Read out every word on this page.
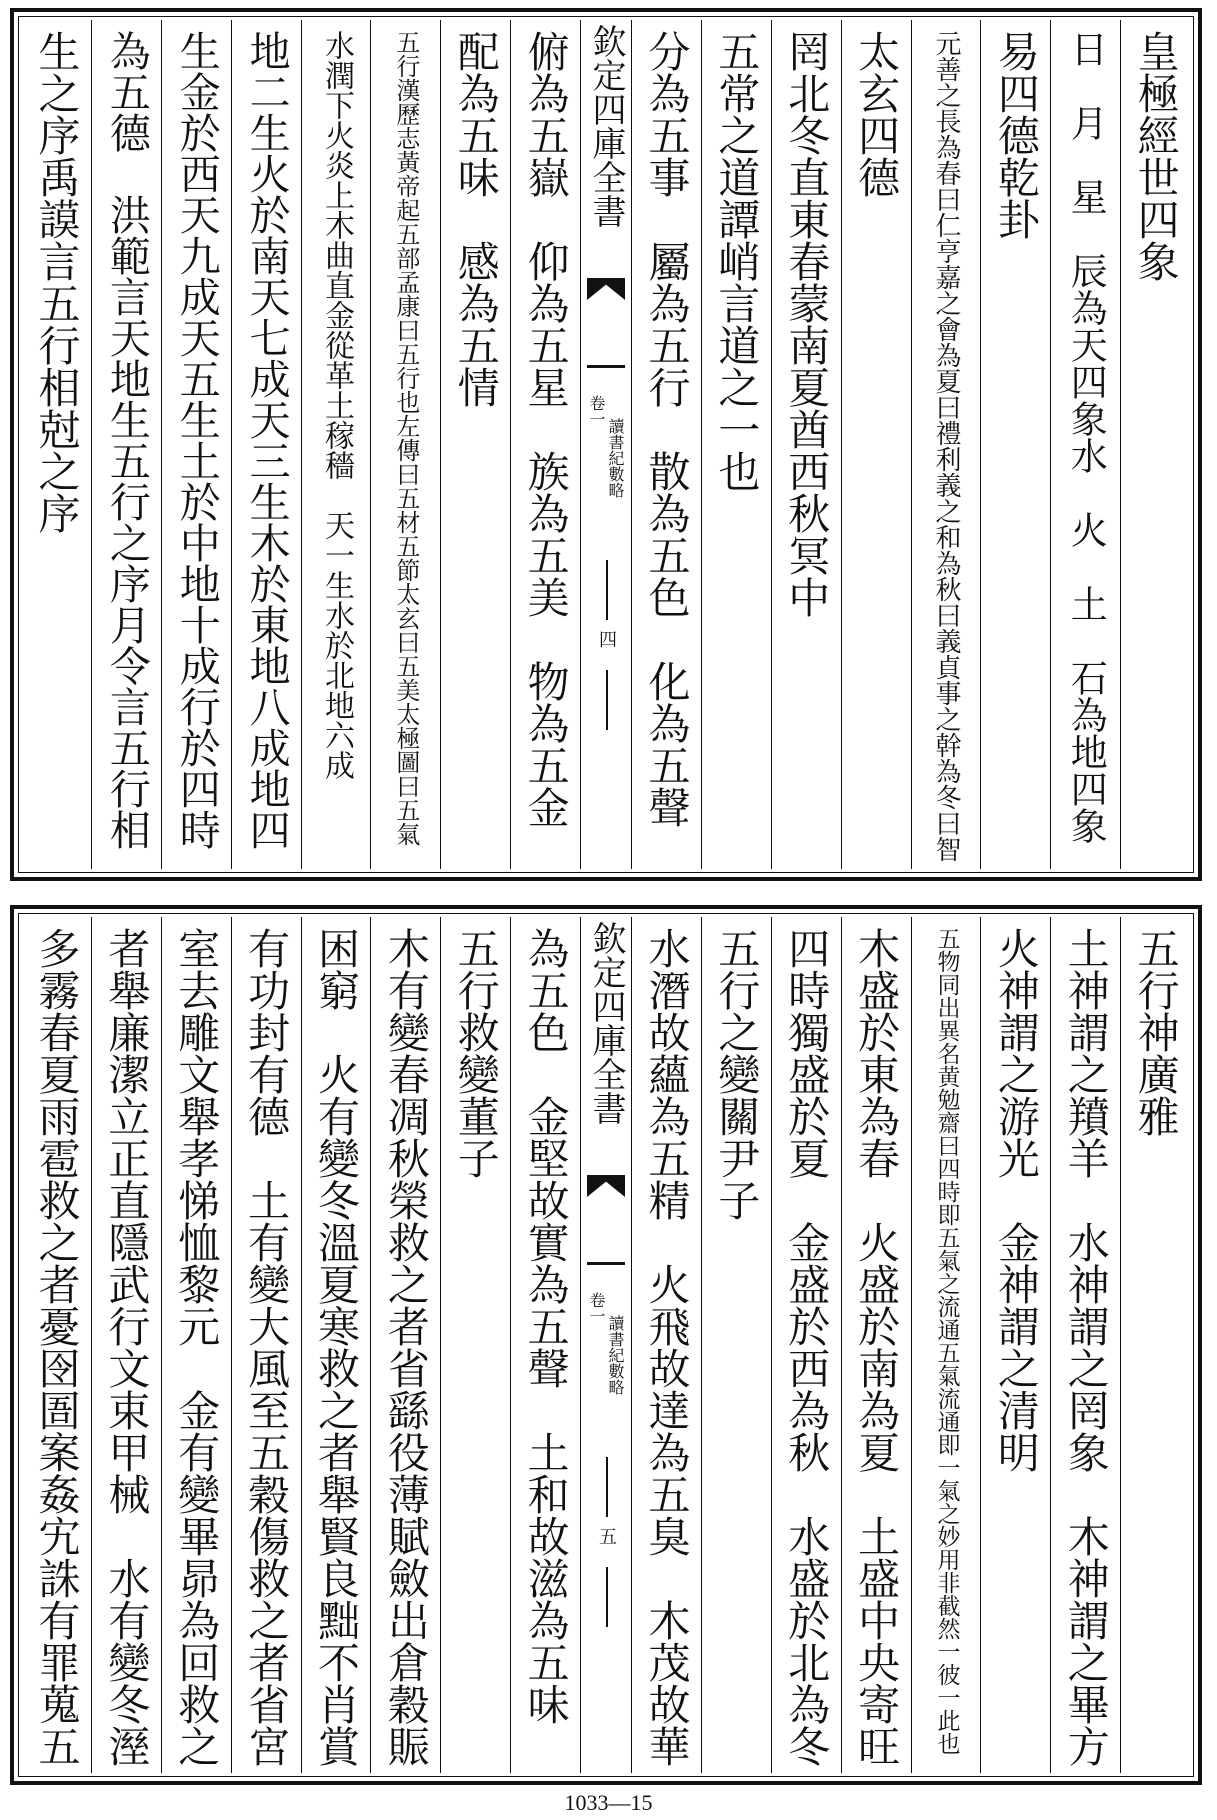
皇極經世四象
日　月　星　辰為天四象水　火　土　石為地四象
易四德乾卦
元善之長為春曰仁亨嘉之會為夏曰禮利義之和為秋曰義貞事之幹為冬曰智
太玄四德
罔北冬直東春蒙南夏酋西秋冥中
五常之道譚峭言道之一也
分為五事　屬為五行　散為五色　化為五聲
欽定四庫全書
卷一
讀書紀數略
四
俯為五嶽　仰為五星　族為五美　物為五金
配為五味　感為五情
五行漢歷志黃帝起五部孟康曰五行也左傳曰五材五節太玄曰五美太極圖曰五氣
水潤下火炎上木曲直金從革土稼穡　天一生水於北地六成
地二生火於南天七成天三生木於東地八成地四
生金於西天九成天五生土於中地十成行於四時
為五德　洪範言天地生五行之序月令言五行相
生之序禹謨言五行相尅之序
五行神廣雅
土神謂之羵羊　水神謂之罔象　木神謂之畢方
火神謂之游光　金神謂之清明
五物同出異名黄勉齋曰四時即五氣之流通五氣流通即一氣之妙用非截然一彼一此也
木盛於東為春　火盛於南為夏　土盛中央寄旺
四時獨盛於夏　金盛於西為秋　水盛於北為冬
五行之變關尹子
水潛故蘊為五精　火飛故達為五臭　木茂故華
欽定四庫全書
卷一
讀書紀數略
五
為五色　金堅故實為五聲　土和故滋為五味
五行救變董子
木有變春凋秋榮救之者省繇役薄賦斂出倉穀賑
困窮　火有變冬溫夏寒救之者舉賢良黜不肖賞
有功封有德　土有變大風至五穀傷救之者省宮
室去雕文舉孝悌恤黎元　金有變畢昴為回救之
者舉廉潔立正直隱武行文束甲械　水有變冬溼
多霧春夏雨雹救之者憂囹圄案姦宄誅有罪蒐五
1033—15
